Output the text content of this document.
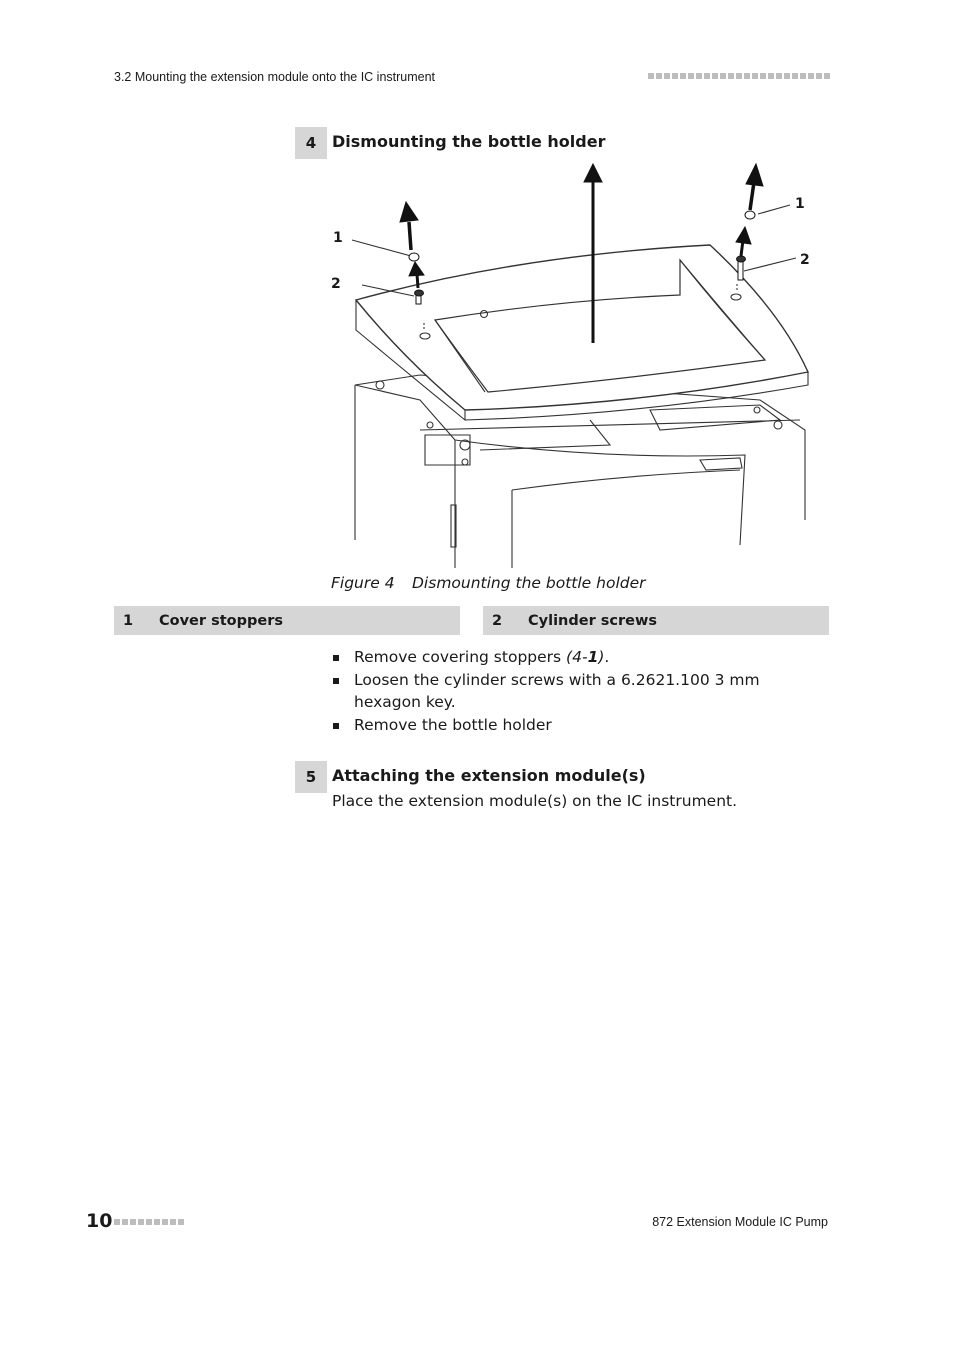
3.2 Mounting the extension module onto the IC instrument
4 Dismounting the bottle holder
1
2
1
2
Figure 4 Dismounting the bottle holder
1	Cover stoppers	2	Cylinder screws
Remove covering stoppers (4-1).
Loosen the cylinder screws with a 6.2621.100 3 mm hexagon key.
Remove the bottle holder
5 Attaching the extension module(s)
Place the extension module(s) on the IC instrument.
10	872 Extension Module IC Pump
